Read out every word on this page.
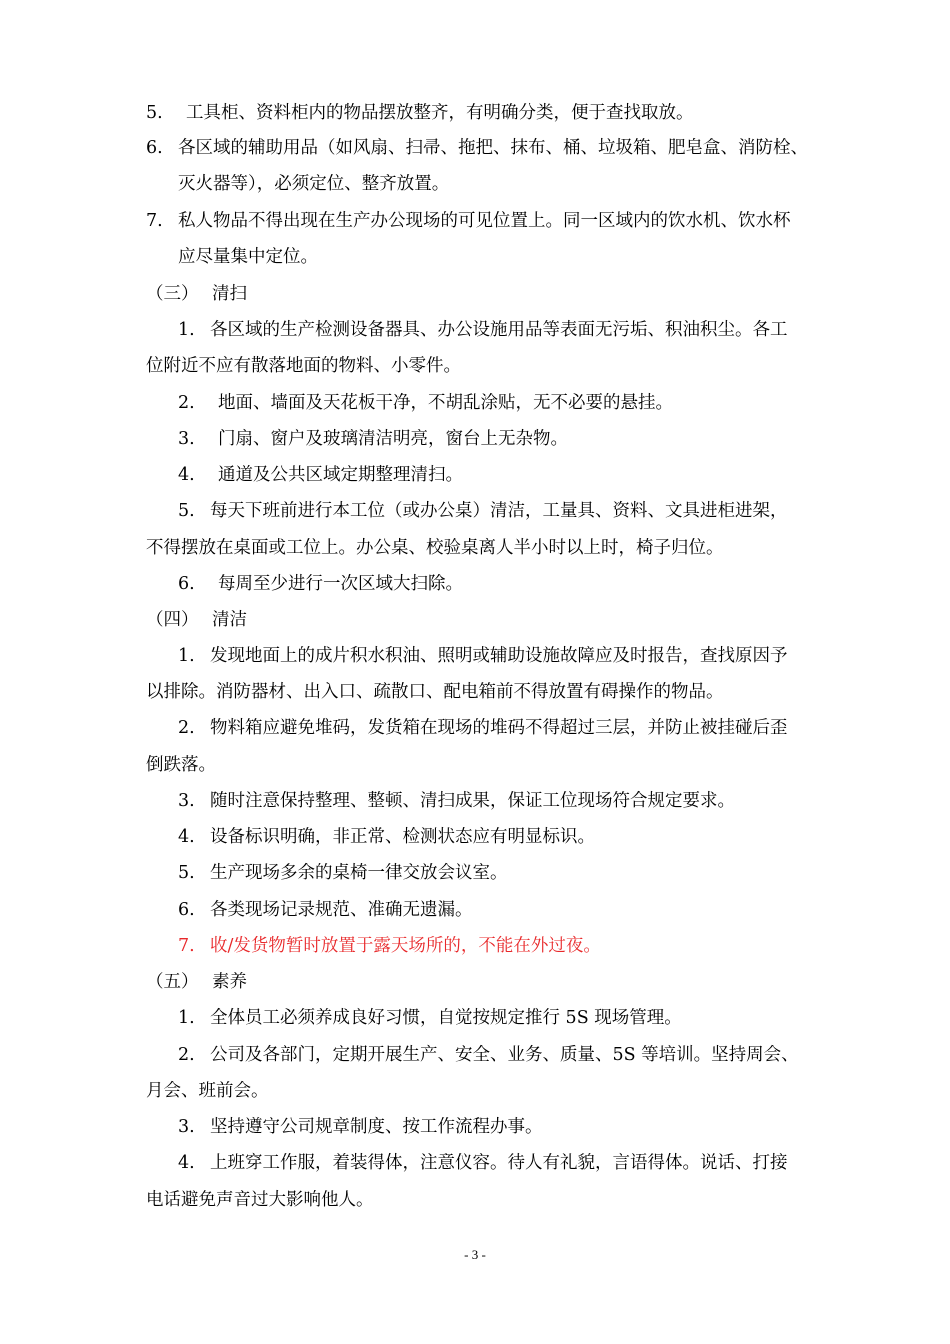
5. 工具柜、资料柜内的物品摆放整齐，有明确分类，便于查找取放。
6. 各区域的辅助用品（如风扇、扫帚、拖把、抹布、桶、垃圾箱、肥皂盒、消防栓、
灭火器等），必须定位、整齐放置。
7. 私人物品不得出现在生产办公现场的可见位置上。同一区域内的饮水机、饮水杯
应尽量集中定位。
（三） 清扫
1. 各区域的生产检测设备器具、办公设施用品等表面无污垢、积油积尘。各工
位附近不应有散落地面的物料、小零件。
2. 地面、墙面及天花板干净，不胡乱涂贴，无不必要的悬挂。
3. 门扇、窗户及玻璃清洁明亮，窗台上无杂物。
4. 通道及公共区域定期整理清扫。
5. 每天下班前进行本工位（或办公桌）清洁，工量具、资料、文具进柜进架，
不得摆放在桌面或工位上。办公桌、校验桌离人半小时以上时，椅子归位。
6. 每周至少进行一次区域大扫除。
（四） 清洁
1. 发现地面上的成片积水积油、照明或辅助设施故障应及时报告，查找原因予
以排除。消防器材、出入口、疏散口、配电箱前不得放置有碍操作的物品。
2. 物料箱应避免堆码，发货箱在现场的堆码不得超过三层，并防止被挂碰后歪
倒跌落。
3. 随时注意保持整理、整顿、清扫成果，保证工位现场符合规定要求。
4. 设备标识明确，非正常、检测状态应有明显标识。
5. 生产现场多余的桌椅一律交放会议室。
6. 各类现场记录规范、准确无遗漏。
7. 收/发货物暂时放置于露天场所的，不能在外过夜。
（五） 素养
1. 全体员工必须养成良好习惯，自觉按规定推行 5S 现场管理。
2. 公司及各部门，定期开展生产、安全、业务、质量、5S 等培训。坚持周会、
月会、班前会。
3. 坚持遵守公司规章制度、按工作流程办事。
4. 上班穿工作服，着装得体，注意仪容。待人有礼貌，言语得体。说话、打接
电话避免声音过大影响他人。
- 3 -
